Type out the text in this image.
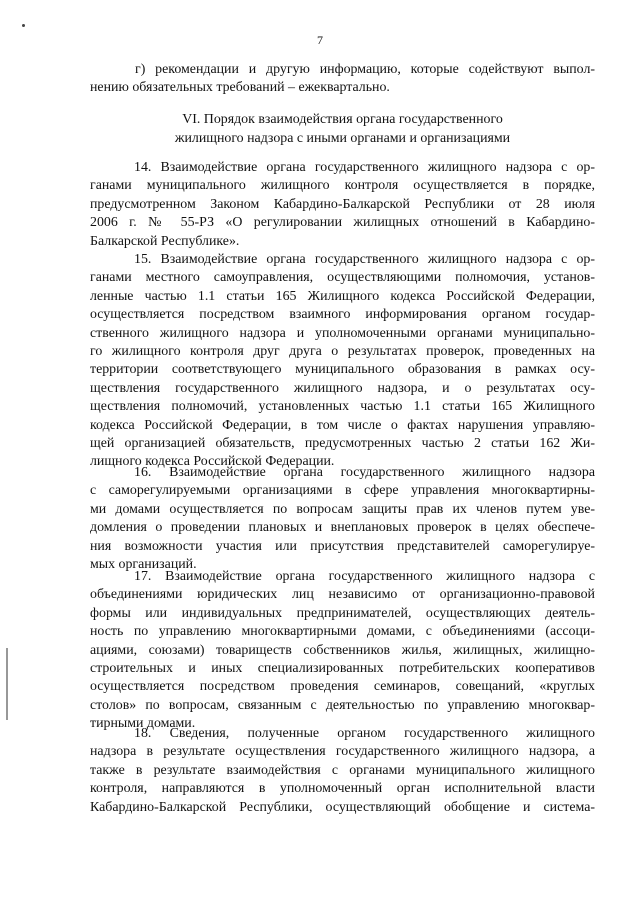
7
г) рекомендации и другую информацию, которые содействуют выпол-
нению обязательных требований – ежеквартально.
VI. Порядок взаимодействия органа государственного
жилищного надзора с иными органами и организациями
14. Взаимодействие органа государственного жилищного надзора с ор-
ганами муниципального жилищного контроля осуществляется в порядке,
предусмотренном Законом Кабардино-Балкарской Республики от 28 июля
2006 г. № 55-РЗ «О регулировании жилищных отношений в Кабардино-
Балкарской Республике».
15. Взаимодействие органа государственного жилищного надзора с ор-
ганами местного самоуправления, осуществляющими полномочия, установ-
ленные частью 1.1 статьи 165 Жилищного кодекса Российской Федерации,
осуществляется посредством взаимного информирования органом государ-
ственного жилищного надзора и уполномоченными органами муниципально-
го жилищного контроля друг друга о результатах проверок, проведенных на
территории соответствующего муниципального образования в рамках осу-
ществления государственного жилищного надзора, и о результатах осу-
ществления полномочий, установленных частью 1.1 статьи 165 Жилищного
кодекса Российской Федерации, в том числе о фактах нарушения управляю-
щей организацией обязательств, предусмотренных частью 2 статьи 162 Жи-
лищного кодекса Российской Федерации.
16. Взаимодействие органа государственного жилищного надзора
с саморегулируемыми организациями в сфере управления многоквартирны-
ми домами осуществляется по вопросам защиты прав их членов путем уве-
домления о проведении плановых и внеплановых проверок в целях обеспече-
ния возможности участия или присутствия представителей саморегулируе-
мых организаций.
17. Взаимодействие органа государственного жилищного надзора с
объединениями юридических лиц независимо от организационно-правовой
формы или индивидуальных предпринимателей, осуществляющих деятель-
ность по управлению многоквартирными домами, с объединениями (ассоци-
ациями, союзами) товариществ собственников жилья, жилищных, жилищно-
строительных и иных специализированных потребительских кооперативов
осуществляется посредством проведения семинаров, совещаний, «круглых
столов» по вопросам, связанным с деятельностью по управлению многоквар-
тирными домами.
18. Сведения, полученные органом государственного жилищного
надзора в результате осуществления государственного жилищного надзора, а
также в результате взаимодействия с органами муниципального жилищного
контроля, направляются в уполномоченный орган исполнительной власти
Кабардино-Балкарской Республики, осуществляющий обобщение и система-
